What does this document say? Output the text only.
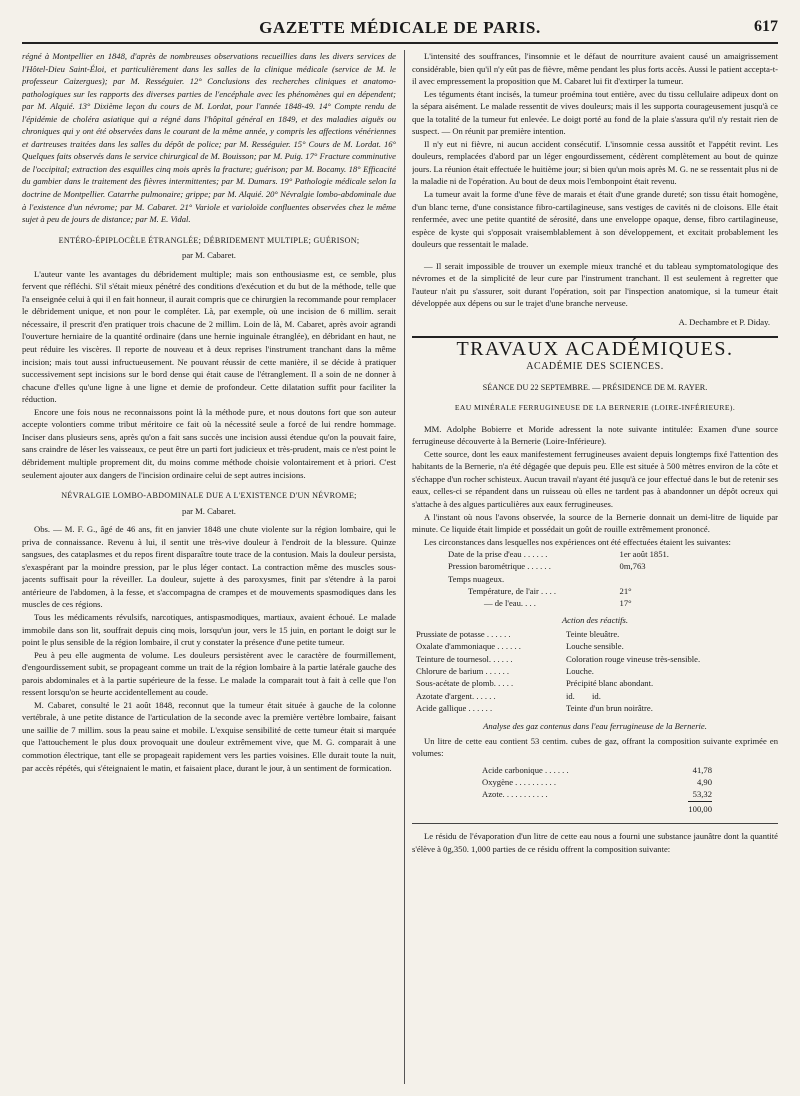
GAZETTE MÉDICALE DE PARIS.	617

régné à Montpellier en 1848, d'après de nombreuses observations recueillies dans les divers services de l'Hôtel-Dieu Saint-Éloi, et particulièrement dans les salles de la clinique médicale (service de M. le professeur Caizergues); par M. Rességuier. 12° Conclusions des recherches cliniques et anatomo-pathologiques sur les rapports des diverses parties de l'encéphale avec les phénomènes qui en dépendent; par M. Alquié. 13° Dixième leçon du cours de M. Lordat, pour l'année 1848-49. 14° Compte rendu de l'épidémie de choléra asiatique qui a régné dans l'hôpital général en 1849, et des maladies aiguës ou chroniques qui y ont été observées dans le courant de la même année, y compris les affections vénériennes et dartreuses traitées dans les salles du dépôt de police; par M. Rességuier. 15° Cours de M. Lordat. 16° Quelques faits observés dans le service chirurgical de M. Bouisson; par M. Puig. 17° Fracture comminutive de l'occipital; extraction des esquilles cinq mois après la fracture; guérison; par M. Bocamy. 18° Efficacité du gambier dans le traitement des fièvres intermittentes; par M. Dumars. 19° Pathologie médicale selon la doctrine de Montpellier. Catarrhe pulmonaire; grippe; par M. Alquié. 20° Névralgie lombo-abdominale due à l'existence d'un névrome; par M. Cabaret. 21° Variole et varioloïde confluentes observées chez le même sujet à peu de jours de distance; par M. E. Vidal.

ENTÉRO-ÉPIPLOCÈLE ÉTRANGLÉE; DÉBRIDEMENT MULTIPLE; GUÉRISON;
par M. Cabaret.

L'auteur vante les avantages du débridement multiple; mais son enthousiasme est, ce semble, plus fervent que réfléchi. S'il s'était mieux pénétré des conditions d'exécution et du but de la méthode, telle que l'a enseignée celui à qui il en fait honneur, il aurait compris que ce chirurgien la recommande pour remplacer le débridement unique, et non pour le compléter. Là, par exemple, où une incision de 6 millim. serait nécessaire, il prescrit d'en pratiquer trois chacune de 2 millim. Loin de là, M. Cabaret, après avoir agrandi l'ouverture herniaire de la quantité ordinaire (dans une hernie inguinale étranglée), en débridant en haut, ne peut réduire les viscères. Il reporte de nouveau et à deux reprises l'instrument tranchant dans la même incision; mais tout aussi infructueusement. Ne pouvant réussir de cette manière, il se décide à pratiquer successivement sept incisions sur le bord dense qui était cause de l'étranglement. Il a soin de ne donner à chacune d'elles qu'une ligne à une ligne et demie de profondeur. Cette dilatation suffit pour faciliter la réduction.

Encore une fois nous ne reconnaissons point là la méthode pure, et nous doutons fort que son auteur accepte volontiers comme tribut méritoire ce fait où la nécessité seule a forcé de lui rendre hommage. Inciser dans plusieurs sens, après qu'on a fait sans succès une incision aussi étendue qu'on la pouvait faire, sans craindre de léser les vaisseaux, ce peut être un parti fort judicieux et très-prudent, mais ce n'est point le débridement multiple proprement dit, du moins comme méthode choisie volontairement et à priori. C'est seulement ajouter aux dangers de l'incision ordinaire celui de sept autres incisions.

NÉVRALGIE LOMBO-ABDOMINALE DUE A L'EXISTENCE D'UN NÉVROME;
par M. Cabaret.

Obs. — M. F. G., âgé de 46 ans, fit en janvier 1848 une chute violente sur la région lombaire, qui le priva de connaissance. Revenu à lui, il sentit une très-vive douleur à l'endroit de la blessure. Quinze sangsues, des cataplasmes et du repos firent disparaître toute trace de la contusion. Mais la douleur persista, s'exaspérant par la moindre pression, par le plus léger contact. La contraction même des muscles sous-jacents suffisait pour la réveiller. La douleur, sujette à des paroxysmes, finit par s'étendre à la paroi antérieure de l'abdomen, à la fesse, et s'accompagna de crampes et de mouvements spasmodiques dans les muscles de ces régions.

Tous les médicaments révulsifs, narcotiques, antispasmodiques, martiaux, avaient échoué. Le malade immobile dans son lit, souffrait depuis cinq mois, lorsqu'un jour, vers le 15 juin, en portant le doigt sur le point le plus sensible de la région lombaire, il crut y constater la présence d'une petite tumeur.

Peu à peu elle augmenta de volume. Les douleurs persistèrent avec le caractère de fourmillement, d'engourdissement subit, se propageant comme un trait de la région lombaire à la partie latérale gauche des parois abdominales et à la partie supérieure de la fesse. Le malade la comparait tout à fait à celle que l'on ressent lorsqu'on se heurte accidentellement au coude.

M. Cabaret, consulté le 21 août 1848, reconnut que la tumeur était située à gauche de la colonne vertébrale, à une petite distance de l'articulation de la seconde avec la première vertèbre lombaire, faisant une saillie de 7 millim. sous la peau saine et mobile. L'exquise sensibilité de cette tumeur était si marquée que l'attouchement le plus doux provoquait une douleur extrêmement vive, que M. G. comparait à une commotion électrique, tant elle se propageait rapidement vers les parties voisines. Elle durait toute la nuit, par accès répétés, qui s'éteignaient le matin, et faisaient place, durant le jour, à un sentiment de formication.

L'intensité des souffrances, l'insomnie et le défaut de nourriture avaient causé un amaigrissement considérable, bien qu'il n'y eût pas de fièvre, même pendant les plus forts accès. Aussi le patient accepta-t-il avec empressement la proposition que M. Cabaret lui fit d'extirper la tumeur.

Les téguments étant incisés, la tumeur proémina tout entière, avec du tissu cellulaire adipeux dont on la sépara aisément. Le malade ressentit de vives douleurs; mais il les supporta courageusement jusqu'à ce que la totalité de la tumeur fut enlevée. Le doigt porté au fond de la plaie s'assura qu'il n'y restait rien de suspect. — On réunit par première intention.

Il n'y eut ni fièvre, ni aucun accident consécutif. L'insomnie cessa aussitôt et l'appétit revint. Les douleurs, remplacées d'abord par un léger engourdissement, cédèrent complètement au bout de quinze jours. La réunion était effectuée le huitième jour; si bien qu'un mois après M. G. ne se ressentait plus ni de la maladie ni de l'opération. Au bout de deux mois l'embonpoint était revenu.

La tumeur avait la forme d'une fève de marais et était d'une grande dureté; son tissu était homogène, d'un blanc terne, d'une consistance fibro-cartilagineuse, sans vestiges de cavités ni de cloisons. Elle était renfermée, avec une petite quantité de sérosité, dans une enveloppe opaque, dense, fibro cartilagineuse, espèce de kyste qui s'opposait vraisemblablement à son développement, et excitait probablement les douleurs que ressentait le malade.

— Il serait impossible de trouver un exemple mieux tranché et du tableau symptomatologique des névromes et de la simplicité de leur cure par l'instrument tranchant. Il est seulement à regretter que l'auteur n'ait pu s'assurer, soit durant l'opération, soit par l'inspection anatomique, si la tumeur était développée aux dépens ou sur le trajet d'une branche nerveuse.

A. Dechambre et P. Diday.
TRAVAUX ACADÉMIQUES.
ACADÉMIE DES SCIENCES.
SÉANCE DU 22 SEPTEMBRE. — PRÉSIDENCE DE M. RAYER.
EAU MINÉRALE FERRUGINEUSE DE LA BERNERIE (LOIRE-INFÉRIEURE).

MM. Adolphe Bobierre et Moride adressent la note suivante intitulée: Examen d'une source ferrugineuse découverte à la Bernerie (Loire-Inférieure).

Cette source, dont les eaux manifestement ferrugineuses avaient depuis longtemps fixé l'attention des habitants de la Bernerie, n'a été dégagée que depuis peu. Elle est située à 500 mètres environ de la côte et s'échappe d'un rocher schisteux. Aucun travail n'ayant été jusqu'à ce jour effectué dans le but de retenir ses eaux, celles-ci se répandent dans un ruisseau où elles ne tardent pas à abandonner un dépôt ocreux qui s'attache à des algues particulières aux eaux ferrugineuses.

A l'instant où nous l'avons observée, la source de la Bernerie donnait un demi-litre de liquide par minute. Ce liquide était limpide et possédait un goût de rouille extrêmement prononcé.

Les circonstances dans lesquelles nos expériences ont été effectuées étaient les suivantes:

Date de la prise d'eau . . . . . .	1er août 1851.
Pression barométrique . . . . . .	0m,763
Temps nuageux.	
Température, de l'air . . . .	21°
— de l'eau. . . .	17°
Action des réactifs.
Prussiate de potasse . . . . . .	Teinte bleuâtre.
Oxalate d'ammoniaque . . . . . .	Louche sensible.
Teinture de tournesol. . . . . .	Coloration rouge vineuse très-sensible.
Chlorure de barium . . . . . .	Louche.
Sous-acétate de plomb. . . . .	Précipité blanc abondant.
Azotate d'argent. . . . . .	id.        id.
Acide gallique . . . . . .	Teinte d'un brun noirâtre.
Analyse des gaz contenus dans l'eau ferrugineuse de la Bernerie.

Un litre de cette eau contient 53 centim. cubes de gaz, offrant la composition suivante exprimée en volumes:

Acide carbonique . . . . . .	41,78
Oxygène . . . . . . . . . .	4,90
Azote. . . . . . . . . . .	53,32
	100,00

Le résidu de l'évaporation d'un litre de cette eau nous a fourni une substance jaunâtre dont la quantité s'élève à 0g,350. 1,000 parties de ce résidu offrent la composition suivante:
